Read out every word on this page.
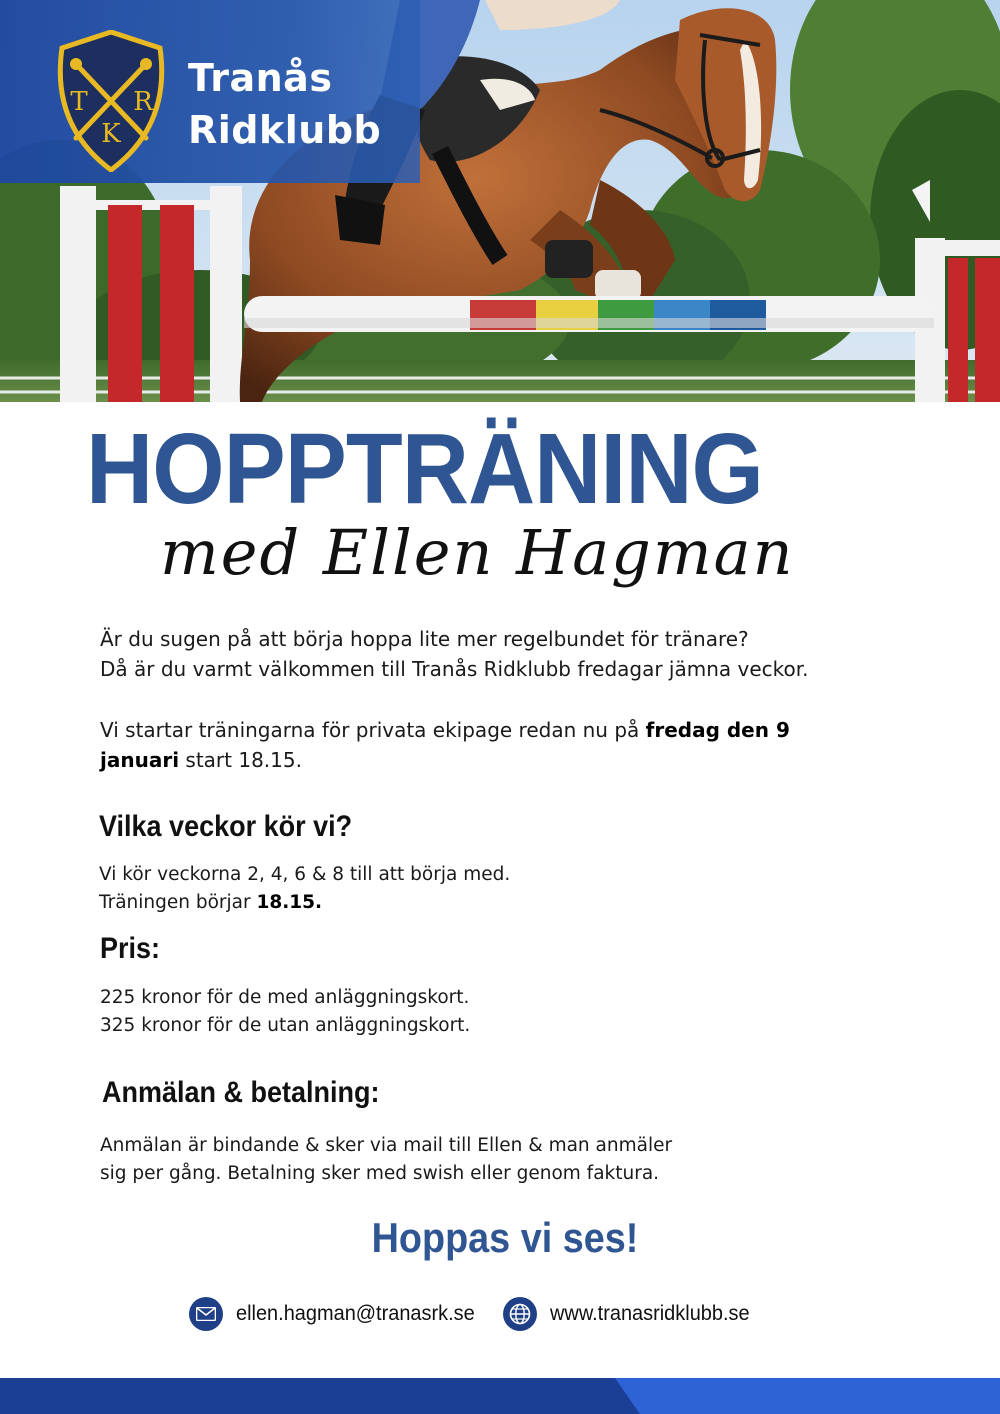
T R
K
Tranås
Ridklubb
HOPPTRÄNING
med Ellen Hagman
Är du sugen på att börja hoppa lite mer regelbundet för tränare?
Då är du varmt välkommen till Tranås Ridklubb fredagar jämna veckor.
Vi startar träningarna för privata ekipage redan nu på fredag den 9
januari start 18.15.
Vilka veckor kör vi?
Vi kör veckorna 2, 4, 6 & 8 till att börja med.
Träningen börjar 18.15.
Pris:
225 kronor för de med anläggningskort.
325 kronor för de utan anläggningskort.
Anmälan & betalning:
Anmälan är bindande & sker via mail till Ellen & man anmäler
sig per gång. Betalning sker med swish eller genom faktura.
Hoppas vi ses!
ellen.hagman@tranasrk.se	www.tranasridklubb.se
